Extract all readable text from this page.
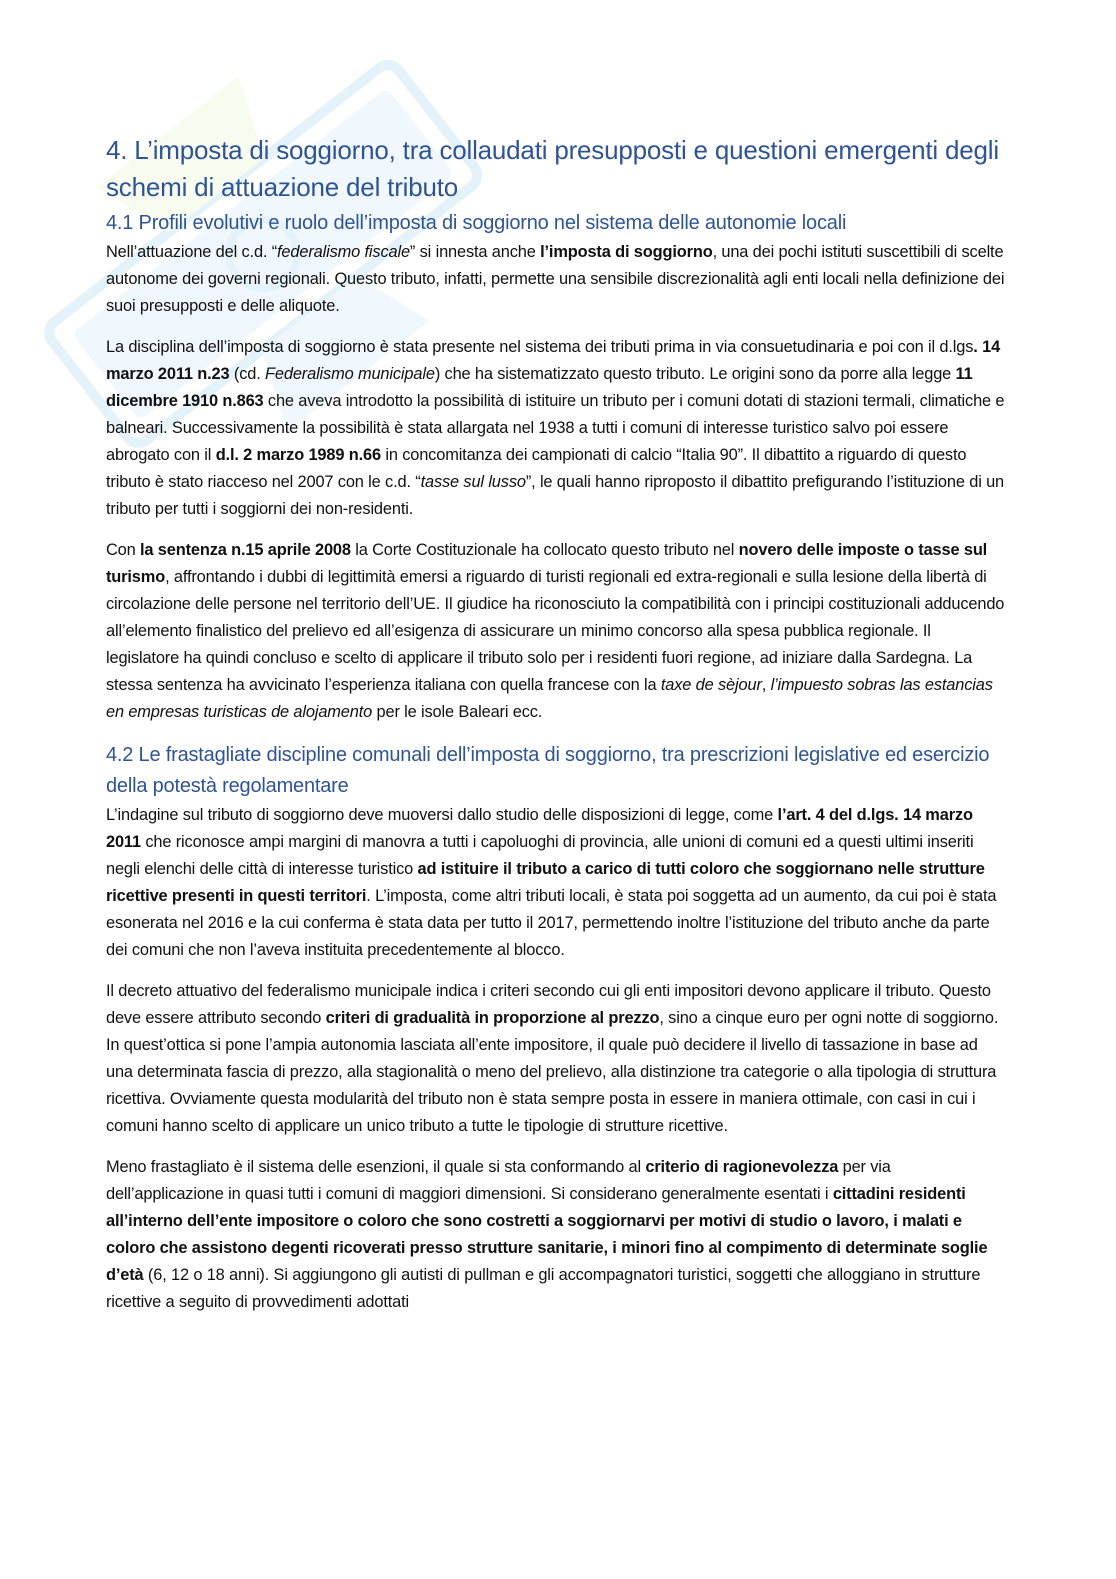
4. L’imposta di soggiorno, tra collaudati presupposti e questioni emergenti degli schemi di attuazione del tributo
4.1 Profili evolutivi e ruolo dell’imposta di soggiorno nel sistema delle autonomie locali

Nell’attuazione del c.d. “federalismo fiscale” si innesta anche l’imposta di soggiorno, una dei pochi istituti suscettibili di scelte autonome dei governi regionali. Questo tributo, infatti, permette una sensibile discrezionalità agli enti locali nella definizione dei suoi presupposti e delle aliquote.

La disciplina dell’imposta di soggiorno è stata presente nel sistema dei tributi prima in via consuetudinaria e poi con il d.lgs. 14 marzo 2011 n.23 (cd. Federalismo municipale) che ha sistematizzato questo tributo. Le origini sono da porre alla legge 11 dicembre 1910 n.863 che aveva introdotto la possibilità di istituire un tributo per i comuni dotati di stazioni termali, climatiche e balneari. Successivamente la possibilità è stata allargata nel 1938 a tutti i comuni di interesse turistico salvo poi essere abrogato con il d.l. 2 marzo 1989 n.66 in concomitanza dei campionati di calcio “Italia 90”. Il dibattito a riguardo di questo tributo è stato riacceso nel 2007 con le c.d. “tasse sul lusso”, le quali hanno riproposto il dibattito prefigurando l’istituzione di un tributo per tutti i soggiorni dei non-residenti.

Con la sentenza n.15 aprile 2008 la Corte Costituzionale ha collocato questo tributo nel novero delle imposte o tasse sul turismo, affrontando i dubbi di legittimità emersi a riguardo di turisti regionali ed extra-regionali e sulla lesione della libertà di circolazione delle persone nel territorio dell’UE. Il giudice ha riconosciuto la compatibilità con i principi costituzionali adducendo all’elemento finalistico del prelievo ed all’esigenza di assicurare un minimo concorso alla spesa pubblica regionale. Il legislatore ha quindi concluso e scelto di applicare il tributo solo per i residenti fuori regione, ad iniziare dalla Sardegna. La stessa sentenza ha avvicinato l’esperienza italiana con quella francese con la taxe de sèjour, l’impuesto sobras las estancias en empresas turisticas de alojamento per le isole Baleari ecc.

4.2 Le frastagliate discipline comunali dell’imposta di soggiorno, tra prescrizioni legislative ed esercizio della potestà regolamentare

L’indagine sul tributo di soggiorno deve muoversi dallo studio delle disposizioni di legge, come l’art. 4 del d.lgs. 14 marzo 2011 che riconosce ampi margini di manovra a tutti i capoluoghi di provincia, alle unioni di comuni ed a questi ultimi inseriti negli elenchi delle città di interesse turistico ad istituire il tributo a carico di tutti coloro che soggiornano nelle strutture ricettive presenti in questi territori. L’imposta, come altri tributi locali, è stata poi soggetta ad un aumento, da cui poi è stata esonerata nel 2016 e la cui conferma è stata data per tutto il 2017, permettendo inoltre l’istituzione del tributo anche da parte dei comuni che non l’aveva instituita precedentemente al blocco.

Il decreto attuativo del federalismo municipale indica i criteri secondo cui gli enti impositori devono applicare il tributo. Questo deve essere attributo secondo criteri di gradualità in proporzione al prezzo, sino a cinque euro per ogni notte di soggiorno. In quest’ottica si pone l’ampia autonomia lasciata all’ente impositore, il quale può decidere il livello di tassazione in base ad una determinata fascia di prezzo, alla stagionalità o meno del prelievo, alla distinzione tra categorie o alla tipologia di struttura ricettiva. Ovviamente questa modularità del tributo non è stata sempre posta in essere in maniera ottimale, con casi in cui i comuni hanno scelto di applicare un unico tributo a tutte le tipologie di strutture ricettive.

Meno frastagliato è il sistema delle esenzioni, il quale si sta conformando al criterio di ragionevolezza per via dell’applicazione in quasi tutti i comuni di maggiori dimensioni. Si considerano generalmente esentati i cittadini residenti all’interno dell’ente impositore o coloro che sono costretti a soggiornarvi per motivi di studio o lavoro, i malati e coloro che assistono degenti ricoverati presso strutture sanitarie, i minori fino al compimento di determinate soglie d’età (6, 12 o 18 anni). Si aggiungono gli autisti di pullman e gli accompagnatori turistici, soggetti che alloggiano in strutture ricettive a seguito di provvedimenti adottati
